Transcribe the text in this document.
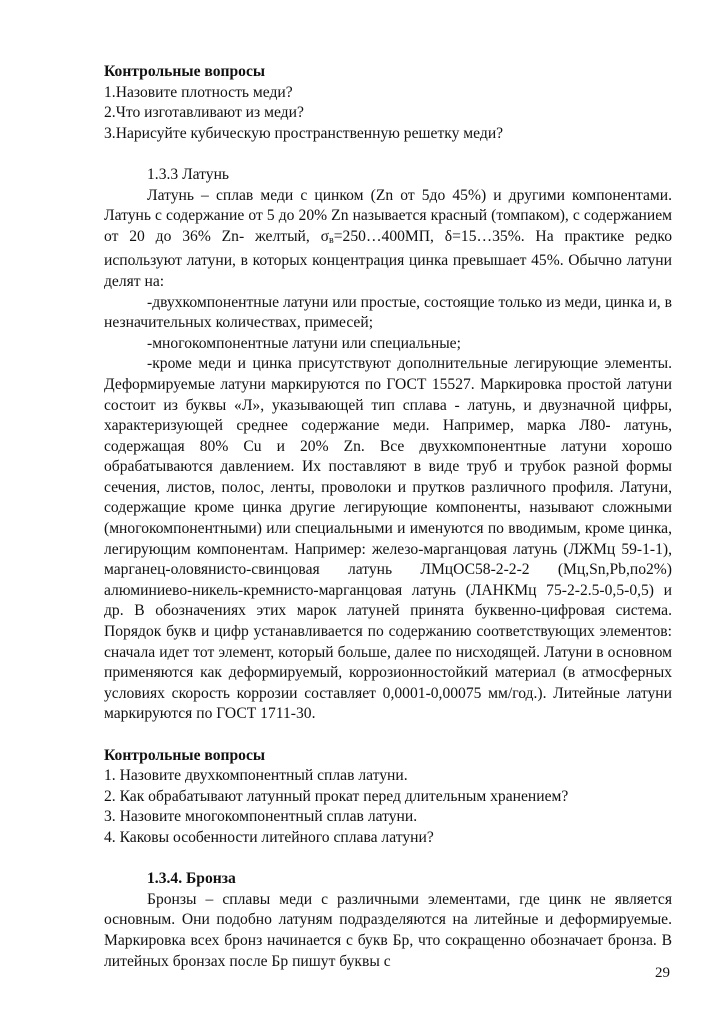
Контрольные вопросы

1.Назовите плотность меди?

2.Что изготавливают из меди?

3.Нарисуйте кубическую пространственную решетку меди?

1.3.3 Латунь

Латунь – сплав меди с цинком (Zn от 5до 45%) и другими компонентами. Латунь с содержание от 5 до 20% Zn называется красный (томпаком), с содержанием от 20 до 36% Zn- желтый, $\sigma_в=250\dots 400МП$, δ=15…35%. На практике редко используют латуни, в которых концентрация цинка превышает 45%. Обычно латуни делят на:

-двухкомпонентные латуни или простые, состоящие только из меди, цинка и, в незначительных количествах, примесей;

-многокомпонентные латуни или специальные;

-кроме меди и цинка присутствуют дополнительные легирующие элементы. Деформируемые латуни маркируются по ГОСТ 15527. Маркировка простой латуни состоит из буквы «Л», указывающей тип сплава - латунь, и двузначной цифры, характеризующей среднее содержание меди. Например, марка Л80- латунь, содержащая 80% Cu и 20% Zn. Все двухкомпонентные латуни хорошо обрабатываются давлением. Их поставляют в виде труб и трубок разной формы сечения, листов, полос, ленты, проволоки и прутков различного профиля. Латуни, содержащие кроме цинка другие легирующие компоненты, называют сложными (многокомпонентными) или специальными и именуются по вводимым, кроме цинка, легирующим компонентам. Например: железо-марганцовая латунь (ЛЖМц 59-1-1), марганец-оловянисто-свинцовая латунь ЛМцОС58-2-2-2 (Мц,Sn,Pb,по2%) алюминиево-никель-кремнисто-марганцовая латунь (ЛАНКМц 75-2-2.5-0,5-0,5) и др. В обозначениях этих марок латуней принята буквенно-цифровая система. Порядок букв и цифр устанавливается по содержанию соответствующих элементов: сначала идет тот элемент, который больше, далее по нисходящей. Латуни в основном применяются как деформируемый, коррозионностойкий материал (в атмосферных условиях скорость коррозии составляет 0,0001-0,00075 мм/год.). Литейные латуни маркируются по ГОСТ 1711-30.

Контрольные вопросы

1. Назовите двухкомпонентный сплав латуни.

2. Как обрабатывают латунный прокат перед длительным хранением?

3. Назовите многокомпонентный сплав латуни.

4. Каковы особенности литейного сплава латуни?

1.3.4. Бронза

Бронзы – сплавы меди с различными элементами, где цинк не является основным. Они подобно латуням подразделяются на литейные и деформируемые. Маркировка всех бронз начинается с букв Бр, что сокращенно обозначает бронза. В литейных бронзах после Бр пишут буквы с

29
